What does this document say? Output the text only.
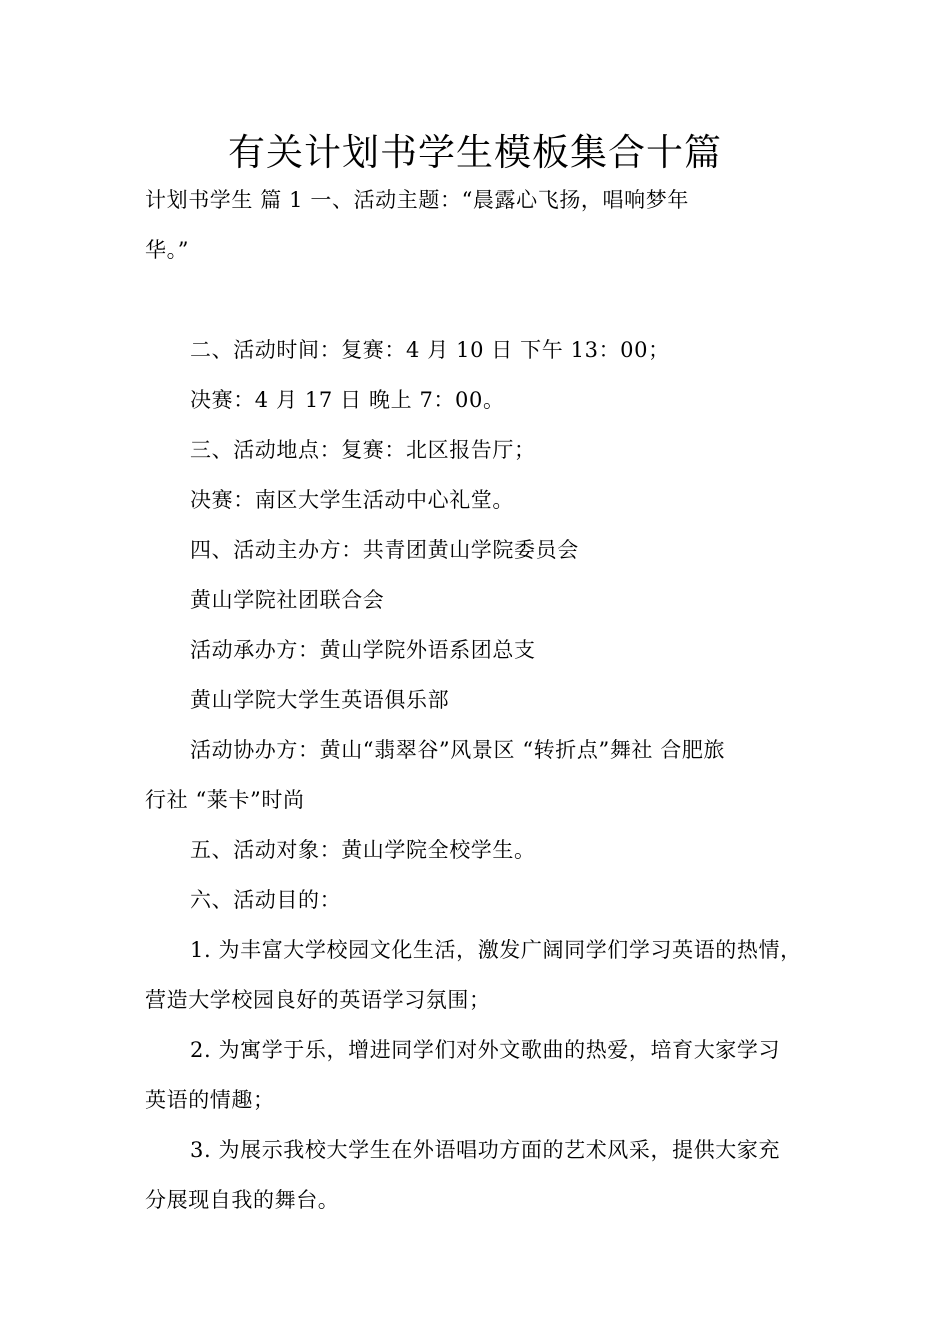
有关计划书学生模板集合十篇
计划书学生 篇 1 一、活动主题：“晨露心飞扬，唱响梦年
华。”
二、活动时间：复赛：4 月 10 日 下午 13：00；
决赛：4 月 17 日 晚上 7：00。
三、活动地点：复赛：北区报告厅；
决赛：南区大学生活动中心礼堂。
四、活动主办方：共青团黄山学院委员会
黄山学院社团联合会
活动承办方：黄山学院外语系团总支
黄山学院大学生英语俱乐部
活动协办方：黄山“翡翠谷”风景区 “转折点”舞社 合肥旅
行社 “莱卡”时尚
五、活动对象：黄山学院全校学生。
六、活动目的：
1. 为丰富大学校园文化生活，激发广阔同学们学习英语的热情，
营造大学校园良好的英语学习氛围；
2. 为寓学于乐，增进同学们对外文歌曲的热爱，培育大家学习
英语的情趣；
3. 为展示我校大学生在外语唱功方面的艺术风采，提供大家充
分展现自我的舞台。
